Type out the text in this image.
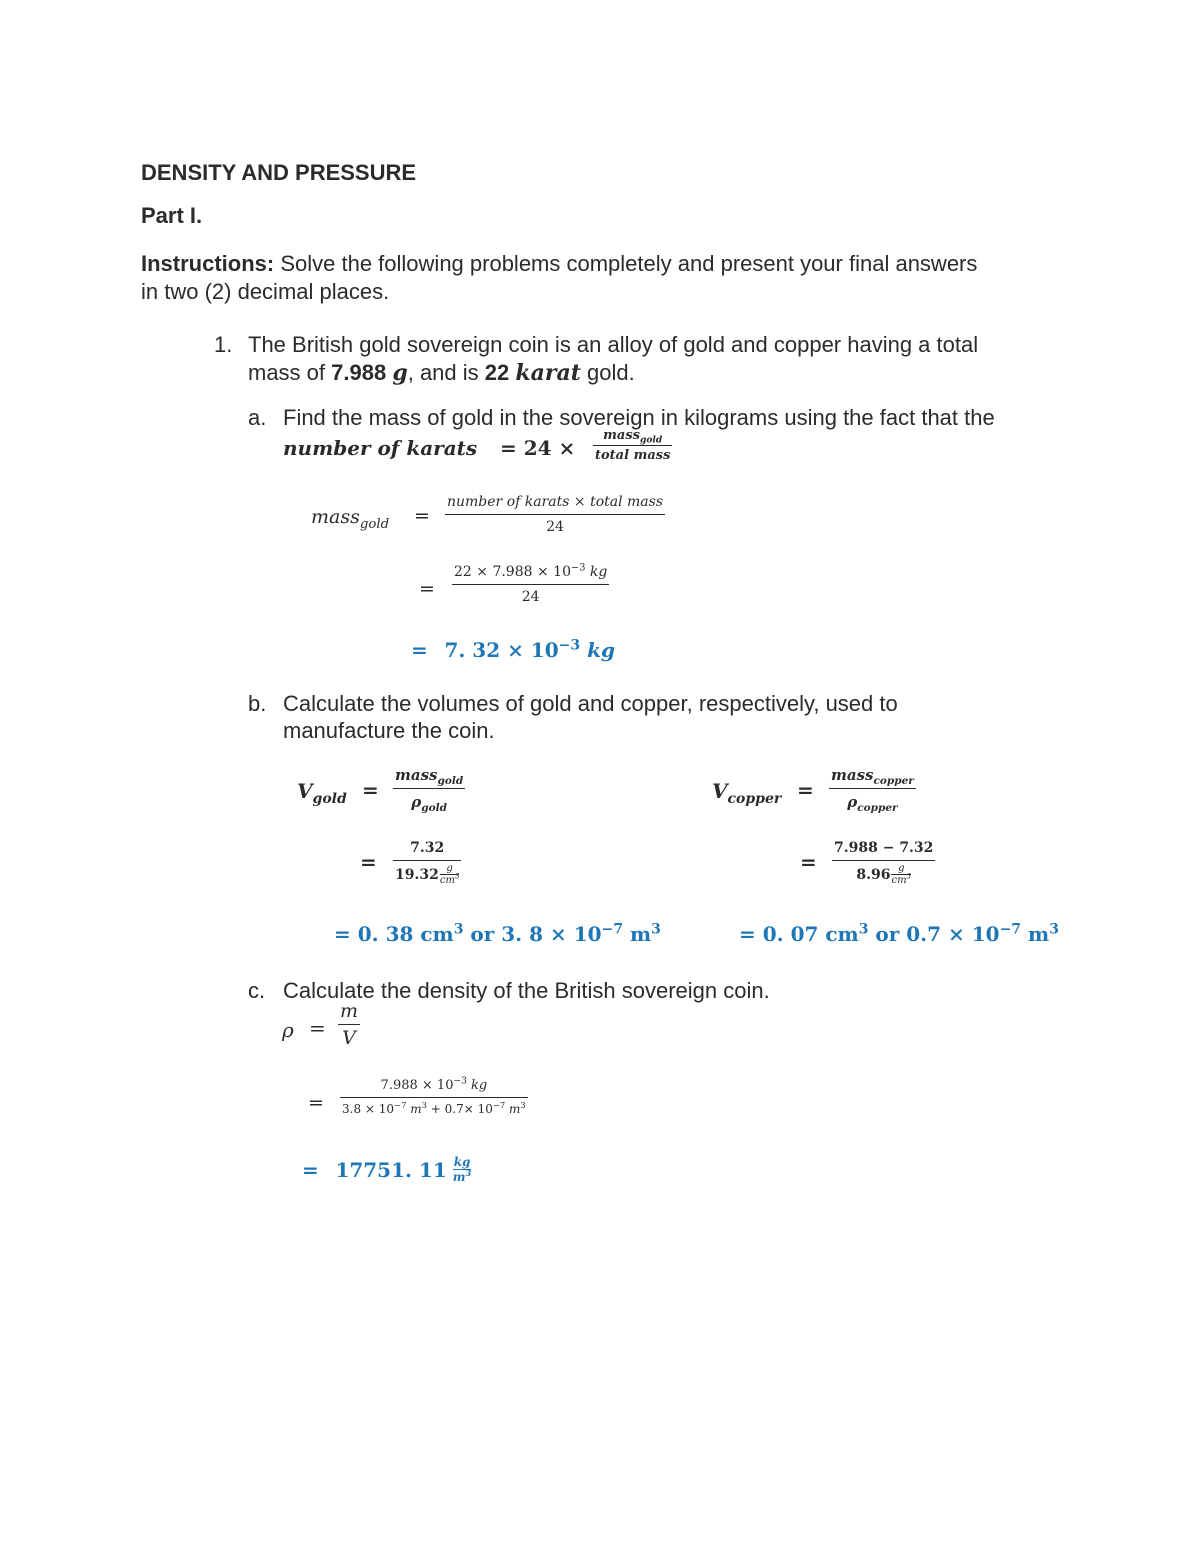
DENSITY AND PRESSURE
Part I.
Instructions: Solve the following problems completely and present your final answers
in two (2) decimal places.
1. The British gold sovereign coin is an alloy of gold and copper having a total
mass of 7.988 g, and is 22 karat gold.
a. Find the mass of gold in the sovereign in kilograms using the fact that the
number of karats = 24 ×
mass$_{gold}$
total mass
mass$_{gold}$ =
number of karats × total mass
24
=
$22 \times 7.988 \times 10^{-3}$ kg
24
= 7. $32 \times 10^{-3}$ kg
b. Calculate the volumes of gold and copper, respectively, used to
manufacture the coin.
$V_{gold}$ =
mass$_{gold}$
$\rho_{gold}$
=
7.32
19.32 g
$cm^3$
= 0. 38 $cm^3$ or 3. $8 \times 10^{-7}$ $m^3$
$V_{copper}$ =
mass$_{copper}$
$\rho_{copper}$
=
7.988 − 7.32
8.96 g
$cm^3$
= 0. 07 $cm^3$ or $0.7 \times 10^{-7}$ $m^3$
c. Calculate the density of the British sovereign coin.
ρ =
m
V
=
$7.988 \times 10^{-3}$ kg
$3.8 \times 10^{-7}$ $m^3 + 0.7\times 10^{-7}$ $m^3$
=
17751. 11 kg
$m^3$
